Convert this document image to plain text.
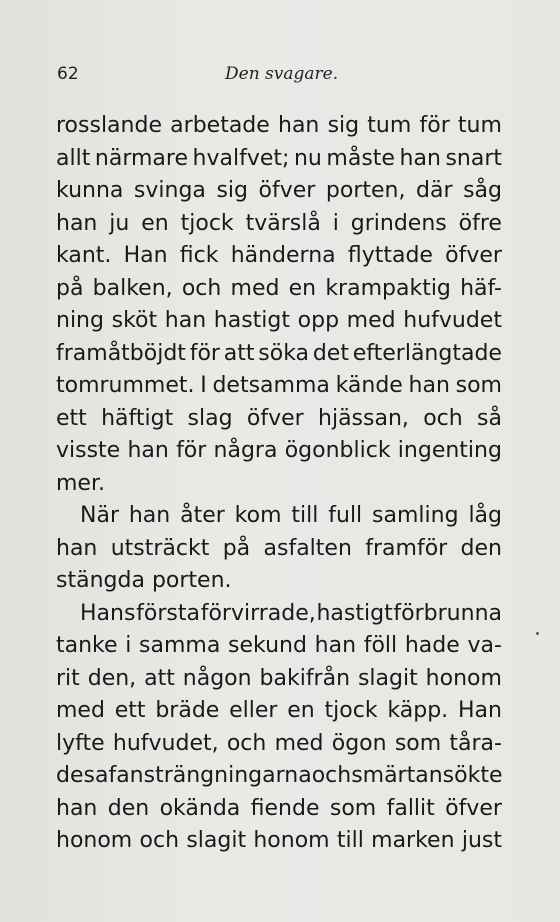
62	Den svagare.
rosslande arbetade han sig tum för tum
allt närmare hvalfvet; nu måste han snart
kunna svinga sig öfver porten, där såg
han ju en tjock tvärslå i grindens öfre
kant. Han fick händerna flyttade öfver
på balken, och med en krampaktig häf-
ning sköt han hastigt opp med hufvudet
framåtböjdt för att söka det efterlängtade
tomrummet. I detsamma kände han som
ett häftigt slag öfver hjässan, och så
visste han för några ögonblick ingenting
mer.
När han åter kom till full samling låg
han utsträckt på asfalten framför den
stängda porten.
Hans första förvirrade, hastigt förbrunna
tanke i samma sekund han föll hade va-
rit den, att någon bakifrån slagit honom
med ett bräde eller en tjock käpp. Han
lyfte hufvudet, och med ögon som tåra-
des af ansträngningarna och smärtan sökte
han den okända fiende som fallit öfver
honom och slagit honom till marken just
